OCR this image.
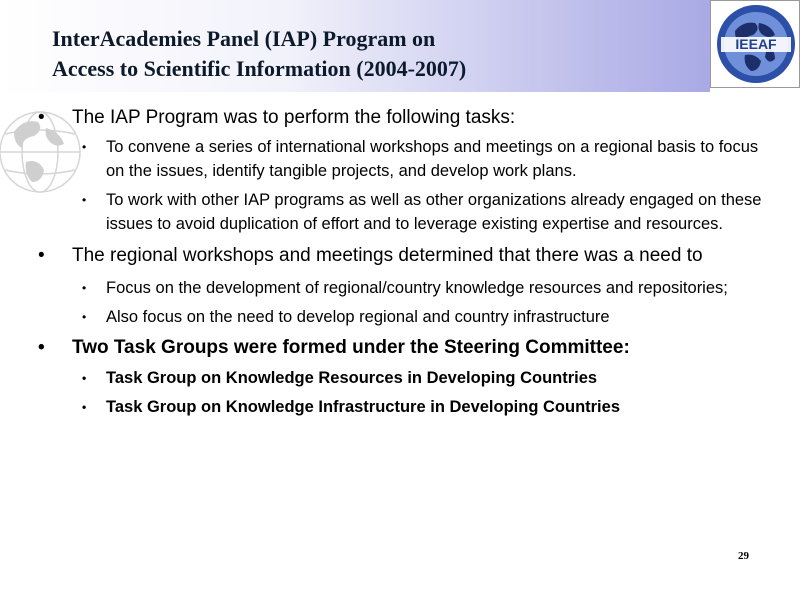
InterAcademies Panel (IAP) Program on
Access to Scientific Information (2004-2007)
IEEAF
•	The IAP Program was to perform the following tasks:
• To convene a series of international workshops and meetings on a regional basis to focus on the issues, identify tangible projects, and develop work plans.
• To work with other IAP programs as well as other organizations already engaged on these issues to avoid duplication of effort and to leverage existing expertise and resources.
•	The regional workshops and meetings determined that there was a need to
• Focus on the development of regional/country knowledge resources and repositories;
• Also focus on the need to develop regional and country infrastructure
•	Two Task Groups were formed under the Steering Committee:
• Task Group on Knowledge Resources in Developing Countries
• Task Group on Knowledge Infrastructure in Developing Countries
29
